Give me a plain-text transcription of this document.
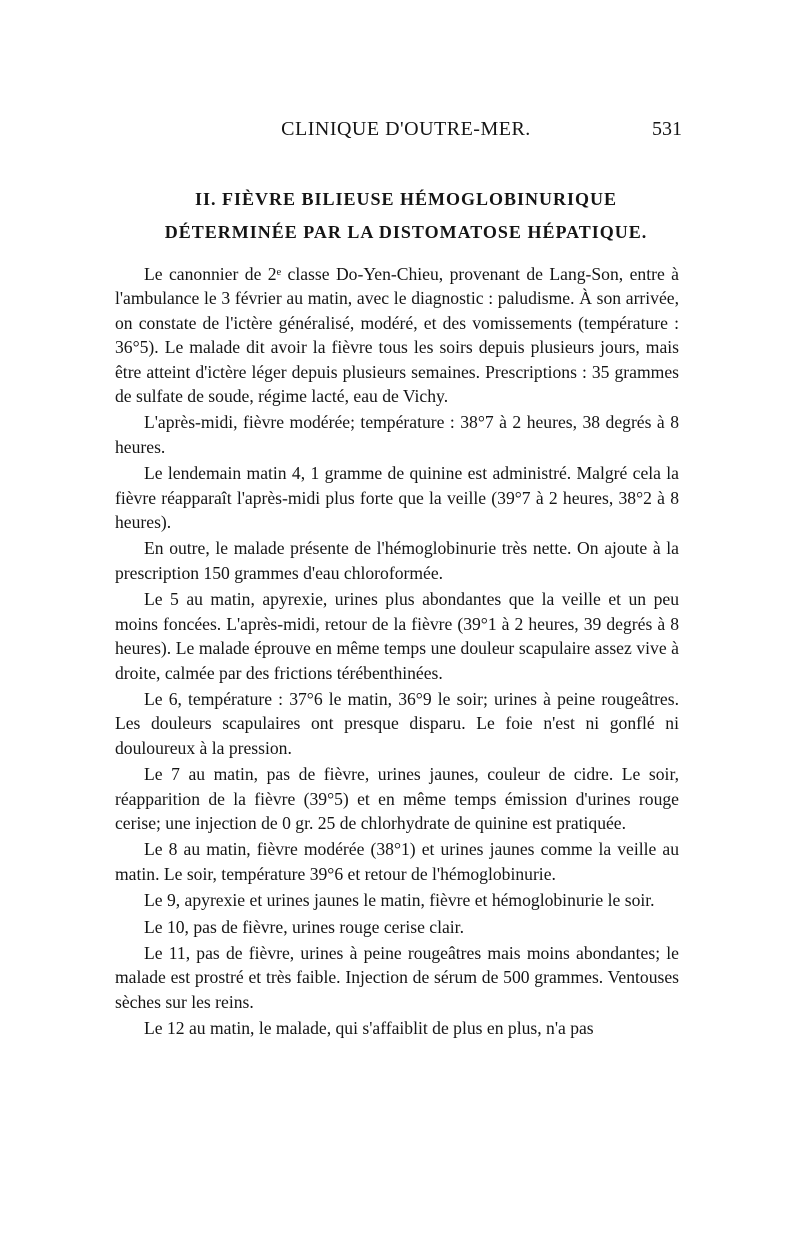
CLINIQUE D'OUTRE-MER.	531
II. FIÈVRE BILIEUSE HÉMOGLOBINURIQUE
DÉTERMINÉE PAR LA DISTOMATOSE HÉPATIQUE.

Le canonnier de 2ᵉ classe Do-Yen-Chieu, provenant de Lang-Son, entre à l'ambulance le 3 février au matin, avec le diagnostic : paludisme. À son arrivée, on constate de l'ictère généralisé, modéré, et des vomissements (température : 36°5). Le malade dit avoir la fièvre tous les soirs depuis plusieurs jours, mais être atteint d'ictère léger depuis plusieurs semaines. Prescriptions : 35 grammes de sulfate de soude, régime lacté, eau de Vichy.

L'après-midi, fièvre modérée; température : 38°7 à 2 heures, 38 degrés à 8 heures.

Le lendemain matin 4, 1 gramme de quinine est administré. Malgré cela la fièvre réapparaît l'après-midi plus forte que la veille (39°7 à 2 heures, 38°2 à 8 heures).

En outre, le malade présente de l'hémoglobinurie très nette. On ajoute à la prescription 150 grammes d'eau chloroformée.

Le 5 au matin, apyrexie, urines plus abondantes que la veille et un peu moins foncées. L'après-midi, retour de la fièvre (39°1 à 2 heures, 39 degrés à 8 heures). Le malade éprouve en même temps une douleur scapulaire assez vive à droite, calmée par des frictions térébenthinées.

Le 6, température : 37°6 le matin, 36°9 le soir; urines à peine rougeâtres. Les douleurs scapulaires ont presque disparu. Le foie n'est ni gonflé ni douloureux à la pression.

Le 7 au matin, pas de fièvre, urines jaunes, couleur de cidre. Le soir, réapparition de la fièvre (39°5) et en même temps émission d'urines rouge cerise; une injection de 0 gr. 25 de chlorhydrate de quinine est pratiquée.

Le 8 au matin, fièvre modérée (38°1) et urines jaunes comme la veille au matin. Le soir, température 39°6 et retour de l'hémoglobinurie.

Le 9, apyrexie et urines jaunes le matin, fièvre et hémoglobinurie le soir.

Le 10, pas de fièvre, urines rouge cerise clair.

Le 11, pas de fièvre, urines à peine rougeâtres mais moins abondantes; le malade est prostré et très faible. Injection de sérum de 500 grammes. Ventouses sèches sur les reins.

Le 12 au matin, le malade, qui s'affaiblit de plus en plus, n'a pas
